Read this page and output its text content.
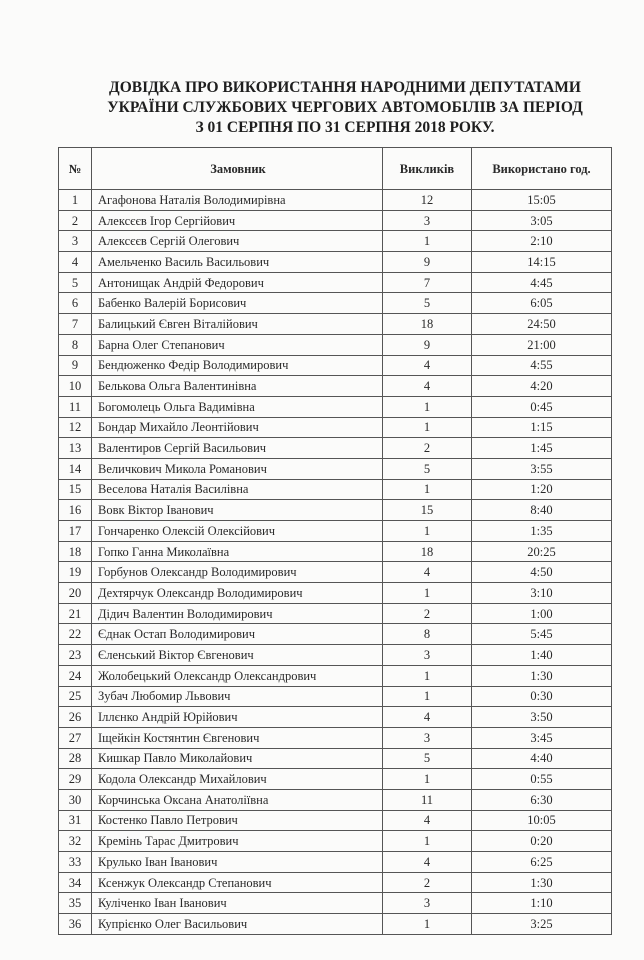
ДОВІДКА ПРО ВИКОРИСТАННЯ НАРОДНИМИ ДЕПУТАТАМИ
УКРАЇНИ СЛУЖБОВИХ ЧЕРГОВИХ АВТОМОБІЛІВ ЗА ПЕРІОД
З 01 СЕРПНЯ ПО 31 СЕРПНЯ 2018 РОКУ.
№	Замовник	Викликів	Використано год.
1	Агафонова Наталія Володимирівна	12	15:05
2	Алексєєв Ігор Сергійович	3	3:05
3	Алексєєв Сергій Олегович	1	2:10
4	Амельченко Василь Васильович	9	14:15
5	Антонищак Андрій Федорович	7	4:45
6	Бабенко Валерій Борисович	5	6:05
7	Балицький Євген Віталійович	18	24:50
8	Барна Олег Степанович	9	21:00
9	Бендюженко Федір Володимирович	4	4:55
10	Белькова Ольга Валентинівна	4	4:20
11	Богомолець Ольга Вадимівна	1	0:45
12	Бондар Михайло Леонтійович	1	1:15
13	Валентиров Сергій Васильович	2	1:45
14	Величкович Микола Романович	5	3:55
15	Веселова Наталія Василівна	1	1:20
16	Вовк Віктор Іванович	15	8:40
17	Гончаренко Олексій Олексійович	1	1:35
18	Гопко Ганна Миколаївна	18	20:25
19	Горбунов Олександр Володимирович	4	4:50
20	Дехтярчук Олександр Володимирович	1	3:10
21	Дідич Валентин Володимирович	2	1:00
22	Єднак Остап Володимирович	8	5:45
23	Єленський Віктор Євгенович	3	1:40
24	Жолобецький Олександр Олександрович	1	1:30
25	Зубач Любомир Львович	1	0:30
26	Іллєнко Андрій Юрійович	4	3:50
27	Іщейкін Костянтин Євгенович	3	3:45
28	Кишкар Павло Миколайович	5	4:40
29	Кодола Олександр Михайлович	1	0:55
30	Корчинська Оксана Анатоліївна	11	6:30
31	Костенко Павло Петрович	4	10:05
32	Кремінь Тарас Дмитрович	1	0:20
33	Крулько Іван Іванович	4	6:25
34	Ксенжук Олександр Степанович	2	1:30
35	Куліченко Іван Іванович	3	1:10
36	Купрієнко Олег Васильович	1	3:25
